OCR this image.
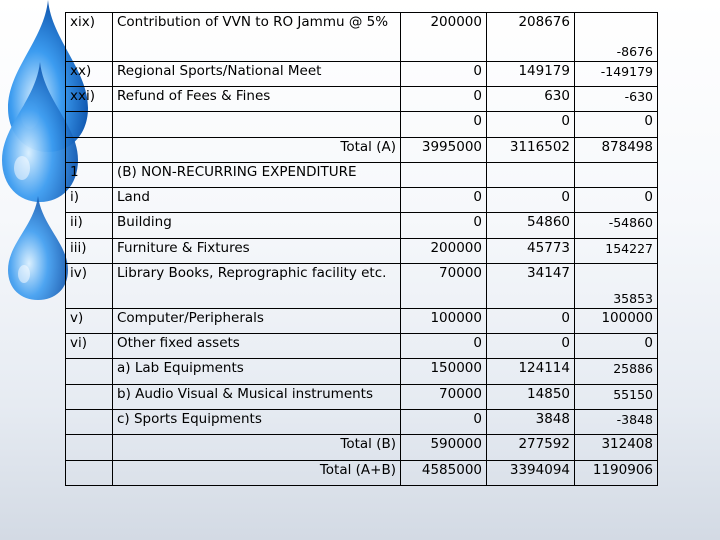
xix)	Contribution of VVN to RO Jammu @ 5%	200000	208676	-8676
xx)	Regional Sports/National Meet	0	149179	-149179
xxi)	Refund of Fees & Fines	0	630	-630
		0	0	0
	Total (A)	3995000	3116502	878498
1	(B) NON-RECURRING EXPENDITURE			
i)	Land	0	0	0
ii)	Building	0	54860	-54860
iii)	Furniture & Fixtures	200000	45773	154227
iv)	Library Books, Reprographic facility etc.	70000	34147	35853
v)	Computer/Peripherals	100000	0	100000
vi)	Other fixed assets	0	0	0
	a) Lab Equipments	150000	124114	25886
	b) Audio Visual & Musical instruments	70000	14850	55150
	c) Sports Equipments	0	3848	-3848
	Total (B)	590000	277592	312408
	Total (A+B)	4585000	3394094	1190906
